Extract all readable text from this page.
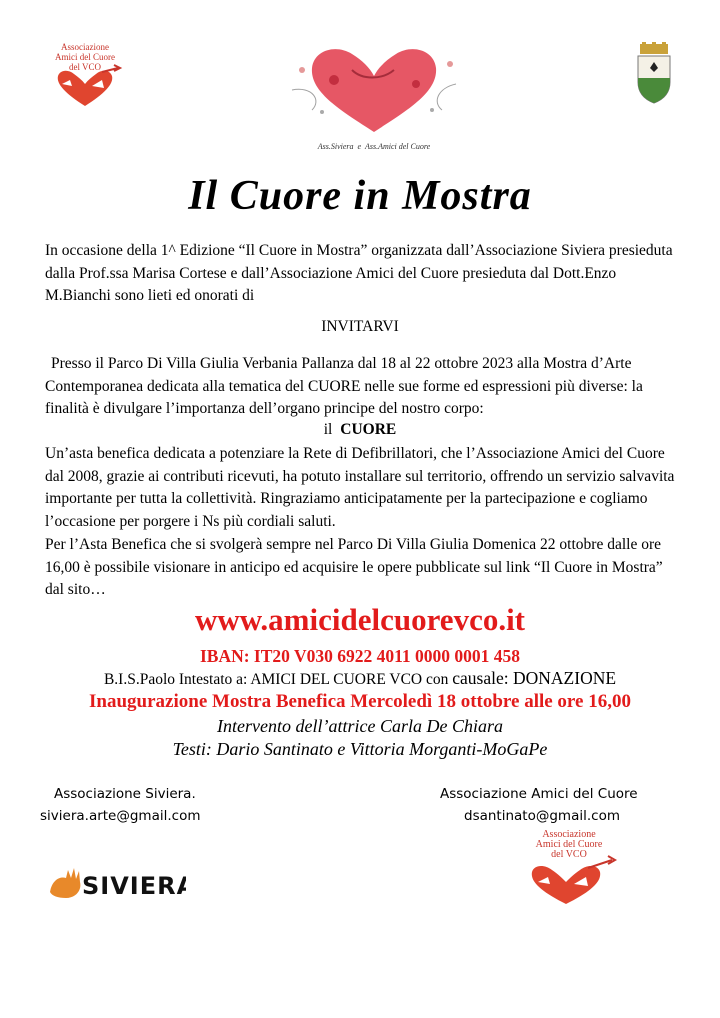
Associazione
Amici del Cuore
del VCO
Ass.Siviera e Ass.Amici del Cuore
Il Cuore in Mostra
In occasione della 1^ Edizione “Il Cuore in Mostra” organizzata dall’Associazione Siviera presieduta dalla Prof.ssa Marisa Cortese e dall’Associazione Amici del Cuore presieduta dal Dott.Enzo M.Bianchi sono lieti ed onorati di
INVITARVI
Presso il Parco Di Villa Giulia Verbania Pallanza dal 18 al 22 ottobre 2023 alla Mostra d’Arte Contemporanea dedicata alla tematica del CUORE nelle sue forme ed espressioni più diverse: la finalità è divulgare l’importanza dell’organo principe del nostro corpo:
il CUORE
Un’asta benefica dedicata a potenziare la Rete di Defibrillatori, che l’Associazione Amici del Cuore dal 2008, grazie ai contributi ricevuti, ha potuto installare sul territorio, offrendo un servizio salvavita importante per tutta la collettività. Ringraziamo anticipatamente per la partecipazione e cogliamo l’occasione per porgere i Ns più cordiali saluti.
Per l’Asta Benefica che si svolgerà sempre nel Parco Di Villa Giulia Domenica 22 ottobre dalle ore 16,00 è possibile visionare in anticipo ed acquisire le opere pubblicate sul link “Il Cuore in Mostra” dal sito…
www.amicidelcuorevco.it
IBAN: IT20 V030 6922 4011 0000 0001 458
B.I.S.Paolo Intestato a: AMICI DEL CUORE VCO con causale: DONAZIONE
Inaugurazione Mostra Benefica Mercoledì 18 ottobre alle ore 16,00
Intervento dell’attrice Carla De Chiara
Testi: Dario Santinato e Vittoria Morganti-MoGaPe
Associazione Siviera.
siviera.arte@gmail.com
Associazione Amici del Cuore
dsantinato@gmail.com
SIVIERA
Associazione
Amici del Cuore
del VCO
